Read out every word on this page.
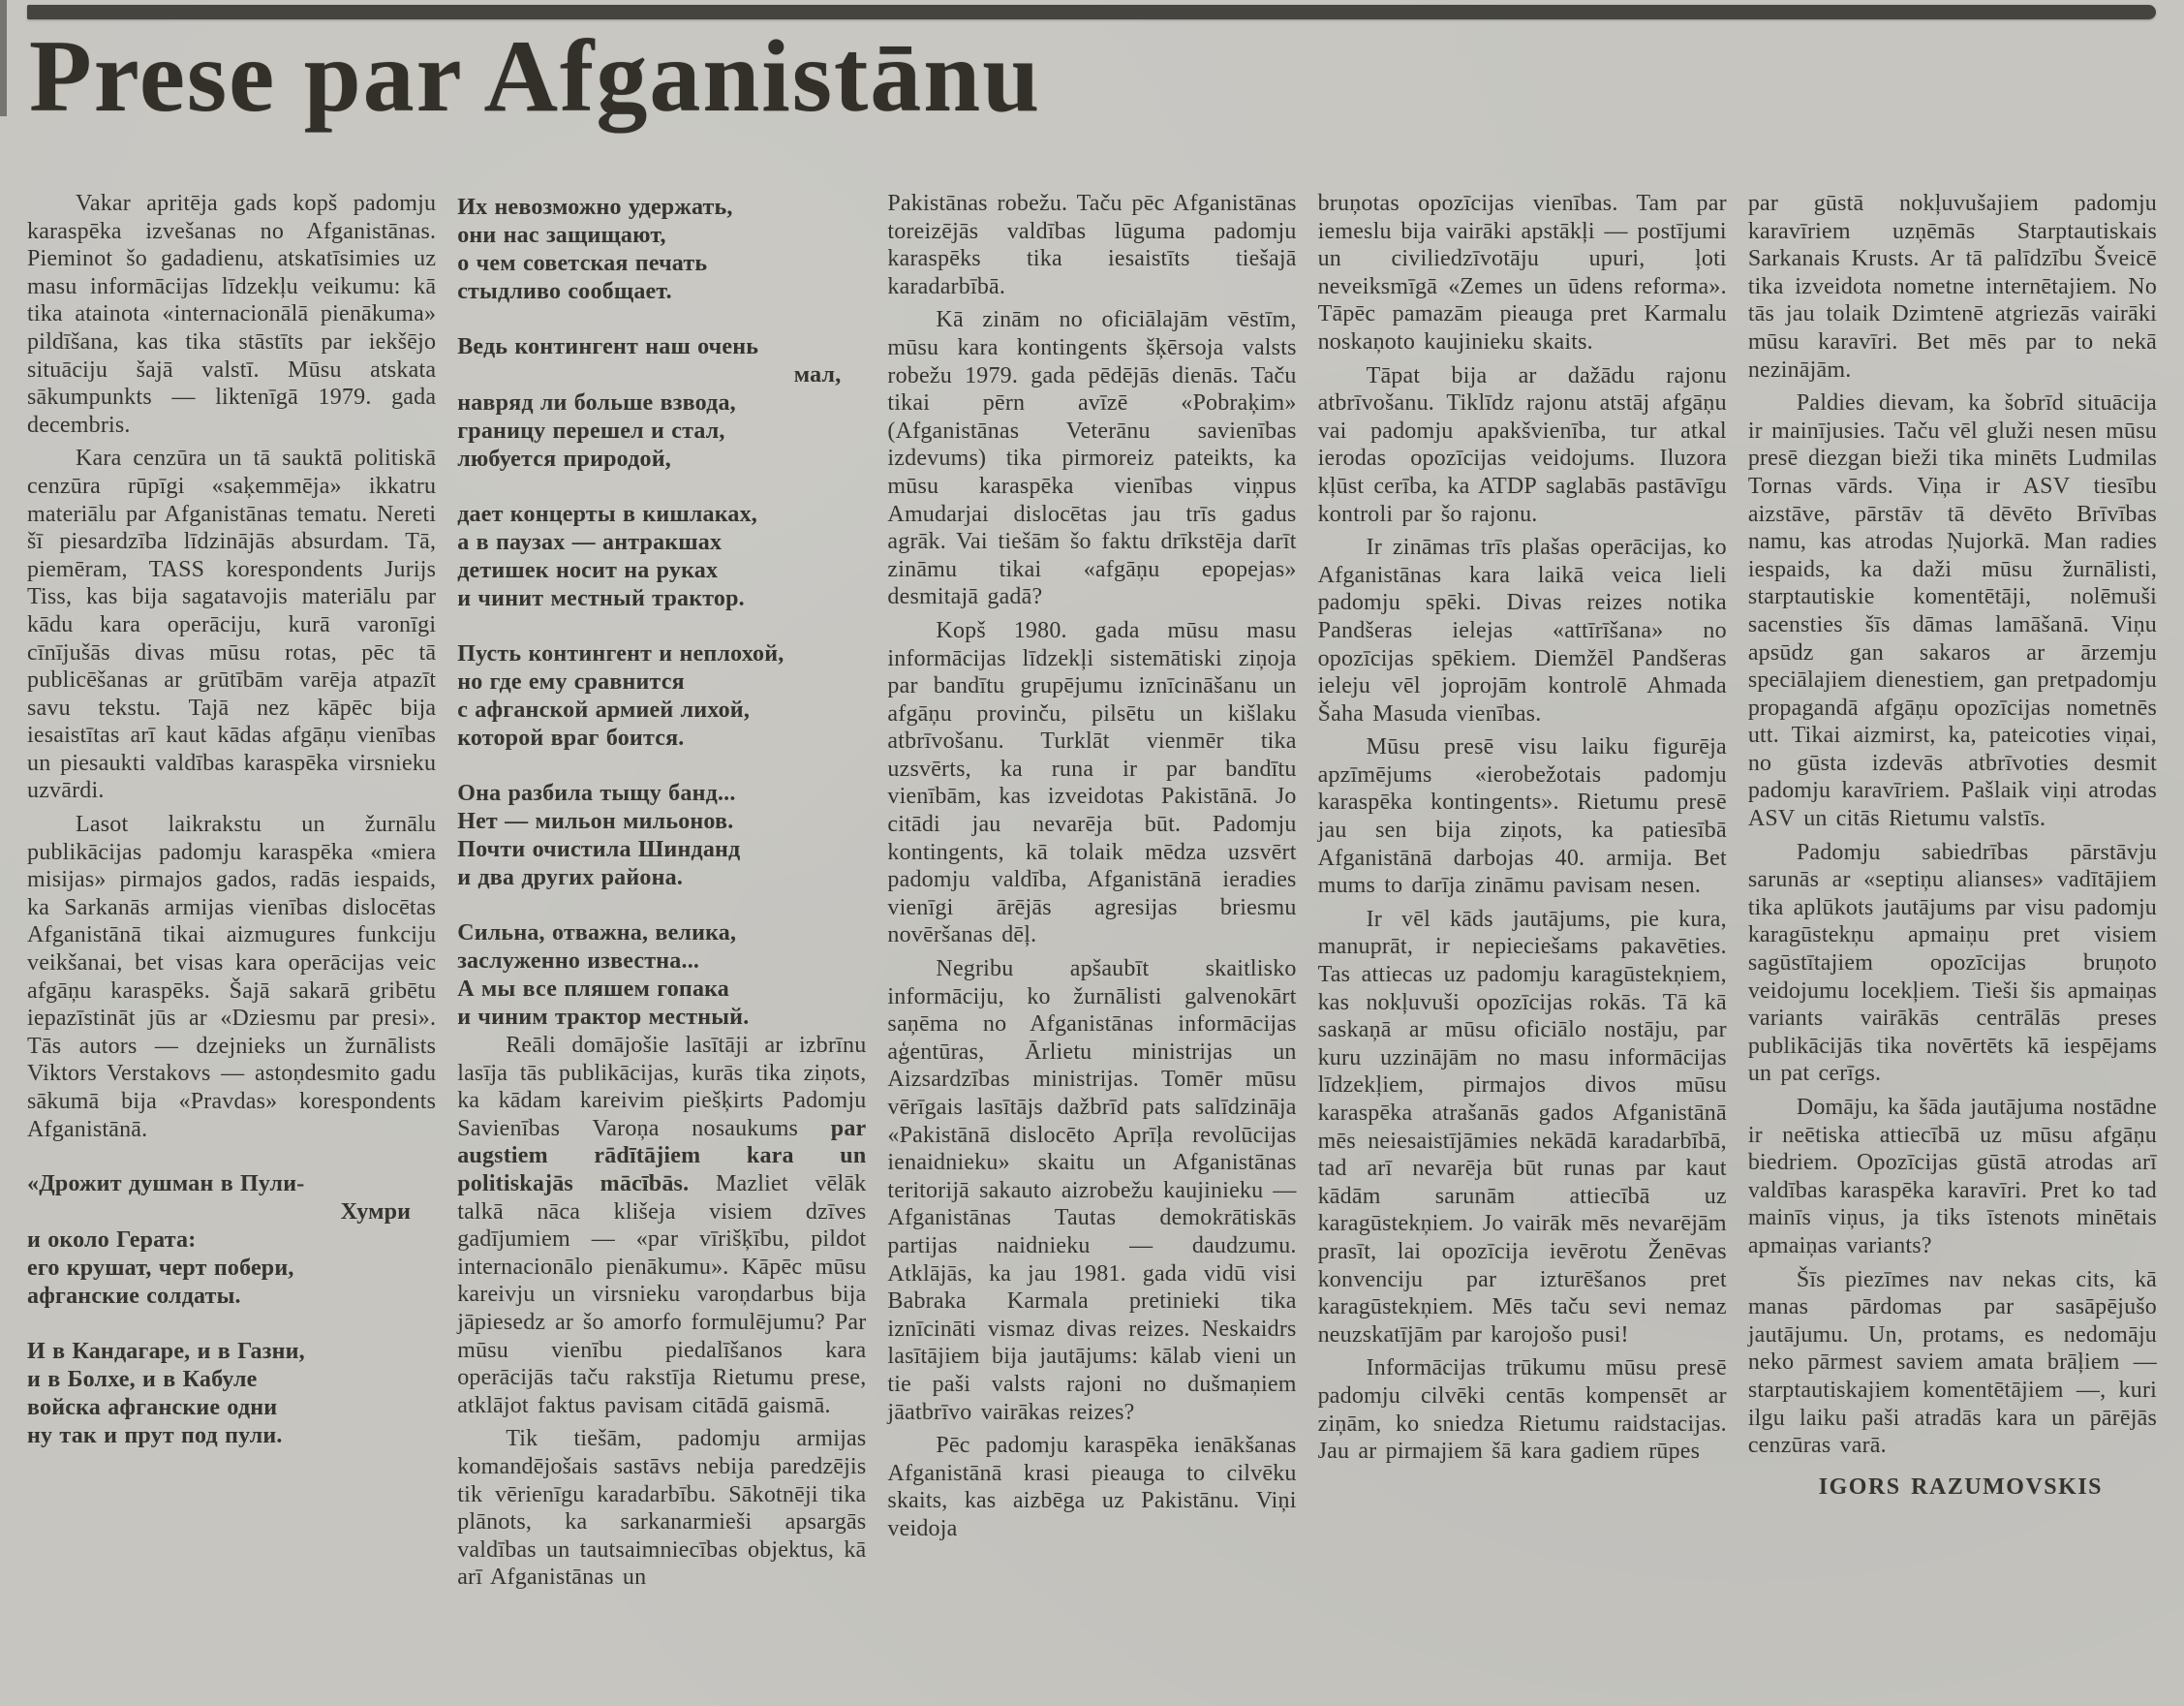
Prese par Afganistānu

Vakar apritēja gads kopš padomju karaspēka izvešanas no Afganistānas. Pieminot šo gadadienu, atskatīsimies uz masu informācijas līdzekļu veikumu: kā tika atainota «internacionālā pienākuma» pildīšana, kas tika stāstīts par iekšējo situāciju šajā valstī. Mūsu atskata sākumpunkts — liktenīgā 1979. gada decembris.

Kara cenzūra un tā sauktā politiskā cenzūra rūpīgi «saķemmēja» ikkatru materiālu par Afganistānas tematu. Nereti šī piesardzība līdzinājās absurdam. Tā, piemēram, TASS korespondents Jurijs Tiss, kas bija sagatavojis materiālu par kādu kara operāciju, kurā varonīgi cīnījušās divas mūsu rotas, pēc tā publicēšanas ar grūtībām varēja atpazīt savu tekstu. Tajā nez kāpēc bija iesaistītas arī kaut kādas afgāņu vienības un piesaukti valdības karaspēka virsnieku uzvārdi.

Lasot laikrakstu un žurnālu publikācijas padomju karaspēka «miera misijas» pirmajos gados, radās iespaids, ka Sarkanās armijas vienības dislocētas Afganistānā tikai aizmugures funkciju veikšanai, bet visas kara operācijas veic afgāņu karaspēks. Šajā sakarā gribētu iepazīstināt jūs ar «Dziesmu par presi». Tās autors — dzejnieks un žurnālists Viktors Verstakovs — astoņdesmito gadu sākumā bija «Pravdas» korespondents Afganistānā.

«Дрожит душман в Пули-
Хумри
и около Герата:
его крушат, черт побери,
афганские солдаты.
И в Кандагаре, и в Газни,
и в Болхе, и в Кабуле
войска афганские одни
ну так и прут под пули.
Их невозможно удержать,
они нас защищают,
о чем советская печать
стыдливо сообщает.
Ведь контингент наш очень
мал,
навряд ли больше взвода,
границу перешел и стал,
любуется природой,
дает концерты в кишлаках,
а в паузах — антракшах
детишек носит на руках
и чинит местный трактор.
Пусть контингент и неплохой,
но где ему сравнится
с афганской армией лихой,
которой враг боится.
Она разбила тыщу банд...
Нет — мильон мильонов.
Почти очистила Шинданд
и два других района.
Сильна, отважна, велика,
заслуженно известна...
А мы все пляшем гопака
и чиним трактор местный.

Reāli domājošie lasītāji ar izbrīnu lasīja tās publikācijas, kurās tika ziņots, ka kādam kareivim piešķirts Padomju Savienības Varoņa nosaukums par augstiem rādītājiem kara un politiskajās mācībās. Mazliet vēlāk talkā nāca klišeja visiem dzīves gadījumiem — «par vīrišķību, pildot internacionālo pienākumu». Kāpēc mūsu kareivju un virsnieku varoņdarbus bija jāpiesedz ar šo amorfo formulējumu? Par mūsu vienību piedalīšanos kara operācijās taču rakstīja Rietumu prese, atklājot faktus pavisam citādā gaismā.

Tik tiešām, padomju armijas komandējošais sastāvs nebija paredzējis tik vērienīgu karadarbību. Sākotnēji tika plānots, ka sarkanarmieši apsargās valdības un tautsaimniecības objektus, kā arī Afganistānas un

Pakistānas robežu. Taču pēc Afganistānas toreizējās valdības lūguma padomju karaspēks tika iesaistīts tiešajā karadarbībā.

Kā zinām no oficiālajām vēstīm, mūsu kara kontingents šķērsoja valsts robežu 1979. gada pēdējās dienās. Taču tikai pērn avīzē «Pobraķim» (Afganistānas Veterānu savienības izdevums) tika pirmoreiz pateikts, ka mūsu karaspēka vienības viņpus Amudarjai dislocētas jau trīs gadus agrāk. Vai tiešām šo faktu drīkstēja darīt zināmu tikai «afgāņu epopejas» desmitajā gadā?

Kopš 1980. gada mūsu masu informācijas līdzekļi sistemātiski ziņoja par bandītu grupējumu iznīcināšanu un afgāņu provinču, pilsētu un kišlaku atbrīvošanu. Turklāt vienmēr tika uzsvērts, ka runa ir par bandītu vienībām, kas izveidotas Pakistānā. Jo citādi jau nevarēja būt. Padomju kontingents, kā tolaik mēdza uzsvērt padomju valdība, Afganistānā ieradies vienīgi ārējās agresijas briesmu novēršanas dēļ.

Negribu apšaubīt skaitlisko informāciju, ko žurnālisti galvenokārt saņēma no Afganistānas informācijas aģentūras, Ārlietu ministrijas un Aizsardzības ministrijas. Tomēr mūsu vērīgais lasītājs dažbrīd pats salīdzināja «Pakistānā dislocēto Aprīļa revolūcijas ienaidnieku» skaitu un Afganistānas teritorijā sakauto aizrobežu kaujinieku — Afganistānas Tautas demokrātiskās partijas naidnieku — daudzumu. Atklājās, ka jau 1981. gada vidū visi Babraka Karmala pretinieki tika iznīcināti vismaz divas reizes. Neskaidrs lasītājiem bija jautājums: kālab vieni un tie paši valsts rajoni no dušmaņiem jāatbrīvo vairākas reizes?

Pēc padomju karaspēka ienākšanas Afganistānā krasi pieauga to cilvēku skaits, kas aizbēga uz Pakistānu. Viņi veidoja

bruņotas opozīcijas vienības. Tam par iemeslu bija vairāki apstākļi — postījumi un civiliedzīvotāju upuri, ļoti neveiksmīgā «Zemes un ūdens reforma». Tāpēc pamazām pieauga pret Karmalu noskaņoto kaujinieku skaits.

Tāpat bija ar dažādu rajonu atbrīvošanu. Tiklīdz rajonu atstāj afgāņu vai padomju apakšvienība, tur atkal ierodas opozīcijas veidojums. Iluzora kļūst cerība, ka ATDP saglabās pastāvīgu kontroli par šo rajonu.

Ir zināmas trīs plašas operācijas, ko Afganistānas kara laikā veica lieli padomju spēki. Divas reizes notika Pandšeras ielejas «attīrīšana» no opozīcijas spēkiem. Diemžēl Pandšeras ieleju vēl joprojām kontrolē Ahmada Šaha Masuda vienības.

Mūsu presē visu laiku figurēja apzīmējums «ierobežotais padomju karaspēka kontingents». Rietumu presē jau sen bija ziņots, ka patiesībā Afganistānā darbojas 40. armija. Bet mums to darīja zināmu pavisam nesen.

Ir vēl kāds jautājums, pie kura, manuprāt, ir nepieciešams pakavēties. Tas attiecas uz padomju karagūstekņiem, kas nokļuvuši opozīcijas rokās. Tā kā saskaņā ar mūsu oficiālo nostāju, par kuru uzzinājām no masu informācijas līdzekļiem, pirmajos divos mūsu karaspēka atrašanās gados Afganistānā mēs neiesaistījāmies nekādā karadarbībā, tad arī nevarēja būt runas par kaut kādām sarunām attiecībā uz karagūstekņiem. Jo vairāk mēs nevarējām prasīt, lai opozīcija ievērotu Ženēvas konvenciju par izturēšanos pret karagūstekņiem. Mēs taču sevi nemaz neuzskatījām par karojošo pusi!

Informācijas trūkumu mūsu presē padomju cilvēki centās kompensēt ar ziņām, ko sniedza Rietumu raidstacijas. Jau ar pirmajiem šā kara gadiem rūpes

par gūstā nokļuvušajiem padomju karavīriem uzņēmās Starptautiskais Sarkanais Krusts. Ar tā palīdzību Šveicē tika izveidota nometne internētajiem. No tās jau tolaik Dzimtenē atgriezās vairāki mūsu karavīri. Bet mēs par to nekā nezinājām.

Paldies dievam, ka šobrīd situācija ir mainījusies. Taču vēl gluži nesen mūsu presē diezgan bieži tika minēts Ludmilas Tornas vārds. Viņa ir ASV tiesību aizstāve, pārstāv tā dēvēto Brīvības namu, kas atrodas Ņujorkā. Man radies iespaids, ka daži mūsu žurnālisti, starptautiskie komentētāji, nolēmuši sacensties šīs dāmas lamāšanā. Viņu apsūdz gan sakaros ar ārzemju speciālajiem dienestiem, gan pretpadomju propagandā afgāņu opozīcijas nometnēs utt. Tikai aizmirst, ka, pateicoties viņai, no gūsta izdevās atbrīvoties desmit padomju karavīriem. Pašlaik viņi atrodas ASV un citās Rietumu valstīs.

Padomju sabiedrības pārstāvju sarunās ar «septiņu alianses» vadītājiem tika aplūkots jautājums par visu padomju karagūstekņu apmaiņu pret visiem sagūstītajiem opozīcijas bruņoto veidojumu locekļiem. Tieši šis apmaiņas variants vairākās centrālās preses publikācijās tika novērtēts kā iespējams un pat cerīgs.

Domāju, ka šāda jautājuma nostādne ir neētiska attiecībā uz mūsu afgāņu biedriem. Opozīcijas gūstā atrodas arī valdības karaspēka karavīri. Pret ko tad mainīs viņus, ja tiks īstenots minētais apmaiņas variants?

Šīs piezīmes nav nekas cits, kā manas pārdomas par sasāpējušo jautājumu. Un, protams, es nedomāju neko pārmest saviem amata brāļiem — starptautiskajiem komentētājiem —, kuri ilgu laiku paši atradās kara un pārējās cenzūras varā.

IGORS RAZUMOVSKIS
